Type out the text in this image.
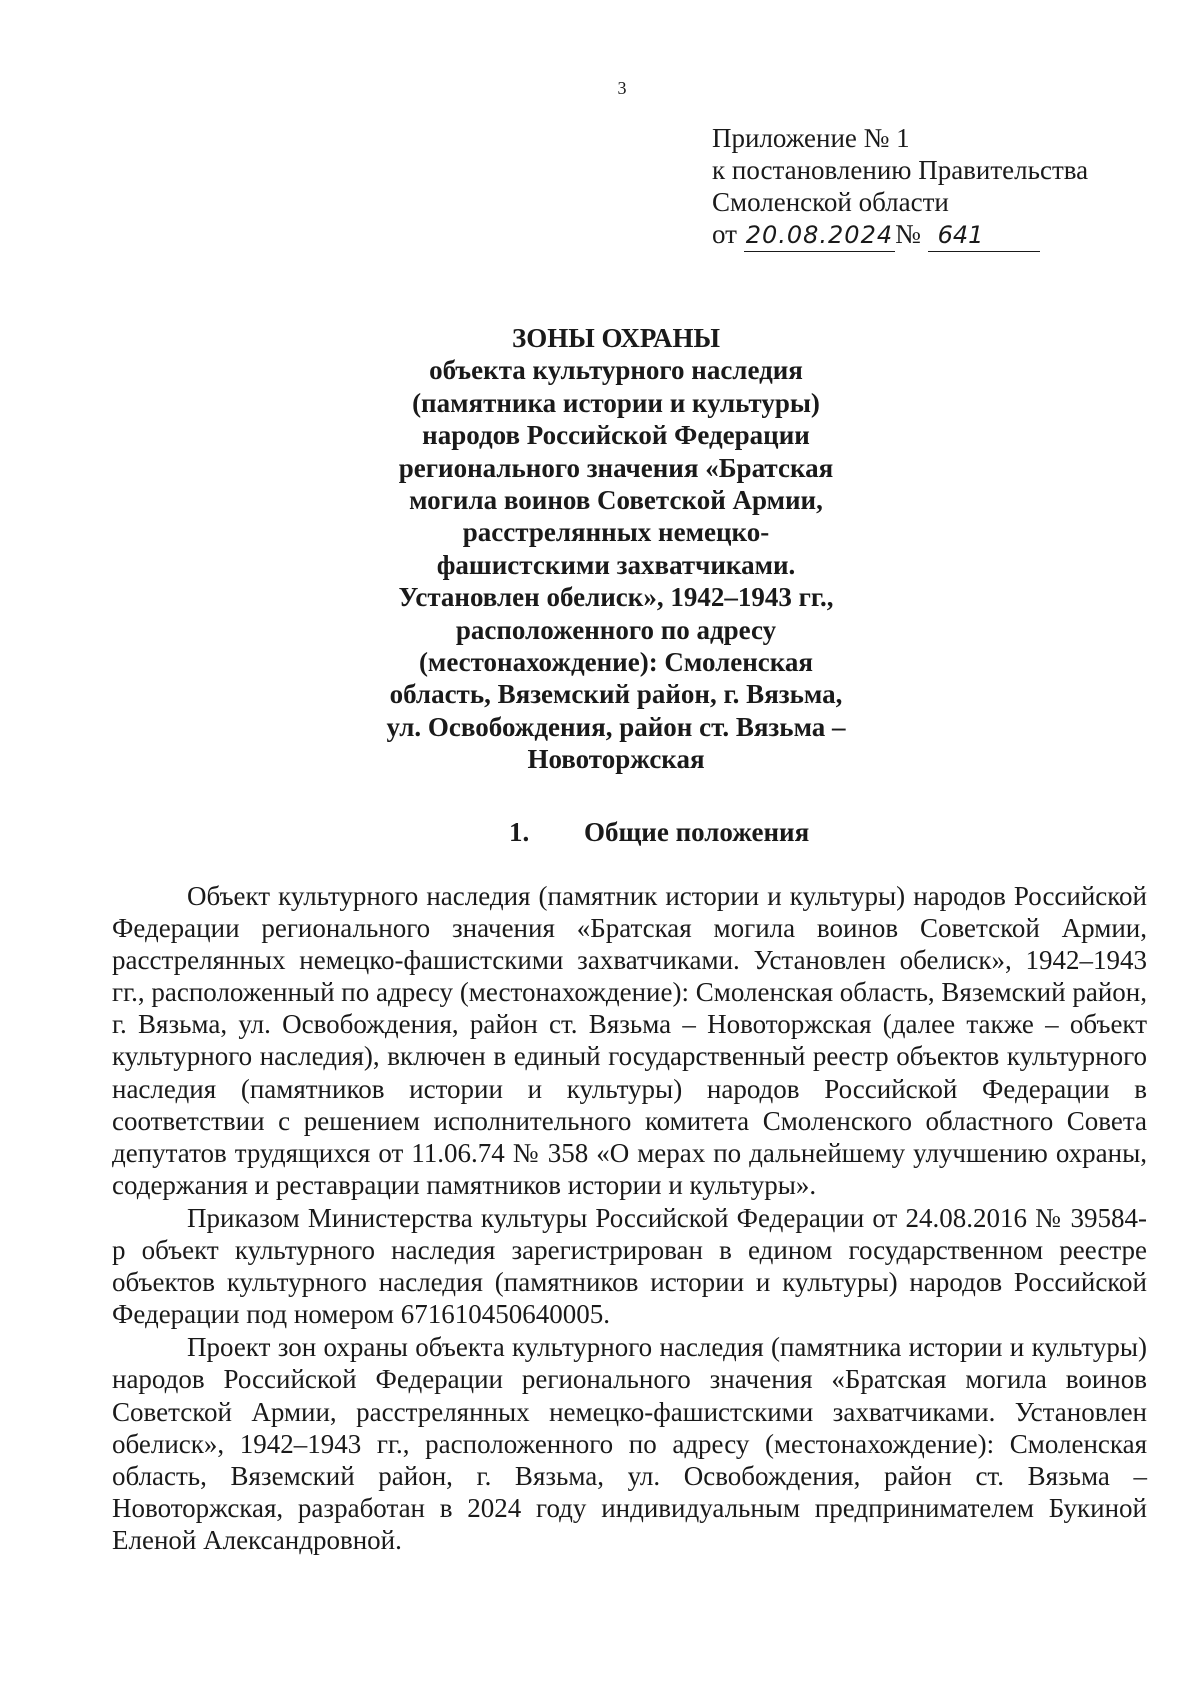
3
Приложение № 1
к постановлению Правительства
Смоленской области
от 20.08.2024№ 641
ЗОНЫ ОХРАНЫ
объекта культурного наследия
(памятника истории и культуры)
народов Российской Федерации
регионального значения «Братская
могила воинов Советской Армии,
расстрелянных немецко-
фашистскими захватчиками.
Установлен обелиск», 1942–1943 гг.,
расположенного по адресу
(местонахождение): Смоленская
область, Вяземский район, г. Вязьма,
ул. Освобождения, район ст. Вязьма –
Новоторжская
1. Общие положения

Объект культурного наследия (памятник истории и культуры) народов Российской Федерации регионального значения «Братская могила воинов Советской Армии, расстрелянных немецко-фашистскими захватчиками. Установлен обелиск», 1942–1943 гг., расположенный по адресу (местонахождение): Смоленская область, Вяземский район, г. Вязьма, ул. Освобождения, район ст. Вязьма – Новоторжская (далее также – объект культурного наследия), включен в единый государственный реестр объектов культурного наследия (памятников истории и культуры) народов Российской Федерации в соответствии с решением исполнительного комитета Смоленского областного Совета депутатов трудящихся от 11.06.74 № 358 «О мерах по дальнейшему улучшению охраны, содержания и реставрации памятников истории и культуры».

Приказом Министерства культуры Российской Федерации от 24.08.2016 № 39584-р объект культурного наследия зарегистрирован в едином государственном реестре объектов культурного наследия (памятников истории и культуры) народов Российской Федерации под номером 671610450640005.

Проект зон охраны объекта культурного наследия (памятника истории и культуры) народов Российской Федерации регионального значения «Братская могила воинов Советской Армии, расстрелянных немецко-фашистскими захватчиками. Установлен обелиск», 1942–1943 гг., расположенного по адресу (местонахождение): Смоленская область, Вяземский район, г. Вязьма, ул. Освобождения, район ст. Вязьма – Новоторжская, разработан в 2024 году индивидуальным предпринимателем Букиной Еленой Александровной.
